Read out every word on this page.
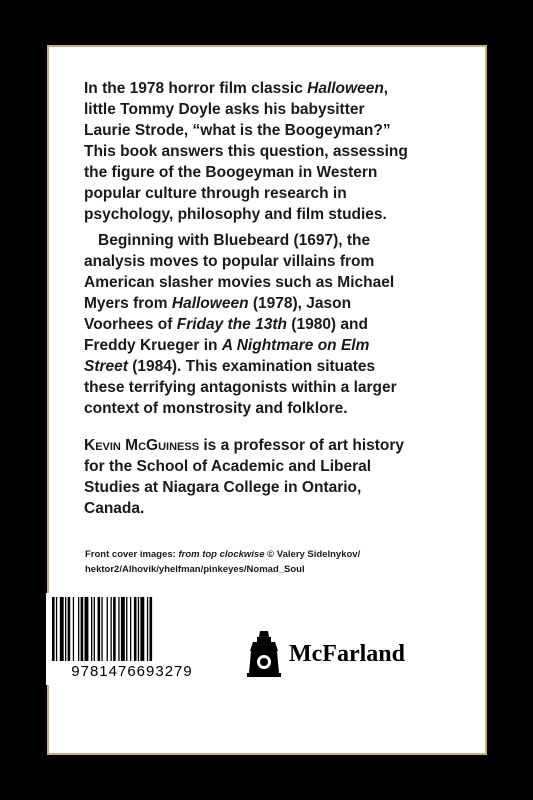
In the 1978 horror film classic Halloween, little Tommy Doyle asks his babysitter Laurie Strode, “what is the Boogeyman?” This book answers this question, assessing the figure of the Boogeyman in Western popular culture through research in psychology, philosophy and film studies.

Beginning with Bluebeard (1697), the analysis moves to popular villains from American slasher movies such as Michael Myers from Halloween (1978), Jason Voorhees of Friday the 13th (1980) and Freddy Krueger in A Nightmare on Elm Street (1984). This examination situates these terrifying antagonists within a larger context of monstrosity and folklore.

Kevin McGuiness is a professor of art history for the School of Academic and Liberal Studies at Niagara College in Ontario, Canada.

Front cover images: from top clockwise © Valery Sidelnykov/ hektor2/Alhovik/yhelfman/pinkeyes/Nomad_Soul
9781476693279
McFarland
